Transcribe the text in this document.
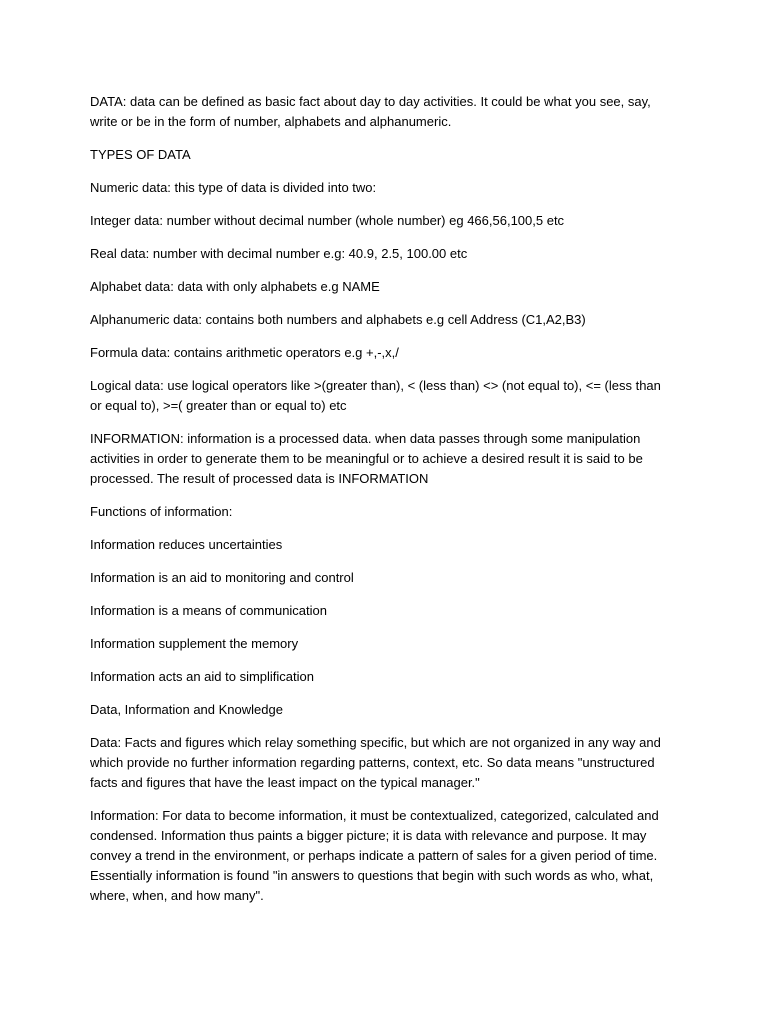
DATA: data can be defined as basic fact about day to day activities. It could be what you see, say, write or be in the form of number, alphabets and alphanumeric.

TYPES OF DATA

Numeric data: this type of data is divided into two:

Integer data: number without decimal number (whole number) eg 466,56,100,5 etc

Real data: number with decimal number e.g: 40.9, 2.5, 100.00 etc

Alphabet data: data with only alphabets e.g NAME

Alphanumeric data: contains both numbers and alphabets e.g cell Address (C1,A2,B3)

Formula data: contains arithmetic operators e.g +,-,x,/

Logical data: use logical operators like >(greater than), < (less than) <> (not equal to), <= (less than or equal to), >=( greater than or equal to) etc

INFORMATION: information is a processed data. when data passes through some manipulation activities in order to generate them to be meaningful or to achieve a desired result it is said to be processed. The result of processed data is INFORMATION

Functions of information:

Information reduces uncertainties

Information is an aid to monitoring and control

Information is a means of communication

Information supplement the memory

Information acts an aid to simplification

Data, Information and Knowledge

Data: Facts and figures which relay something specific, but which are not organized in any way and which provide no further information regarding patterns, context, etc. So data means "unstructured facts and figures that have the least impact on the typical manager."

Information: For data to become information, it must be contextualized, categorized, calculated and condensed. Information thus paints a bigger picture; it is data with relevance and purpose. It may convey a trend in the environment, or perhaps indicate a pattern of sales for a given period of time. Essentially information is found "in answers to questions that begin with such words as who, what, where, when, and how many".
